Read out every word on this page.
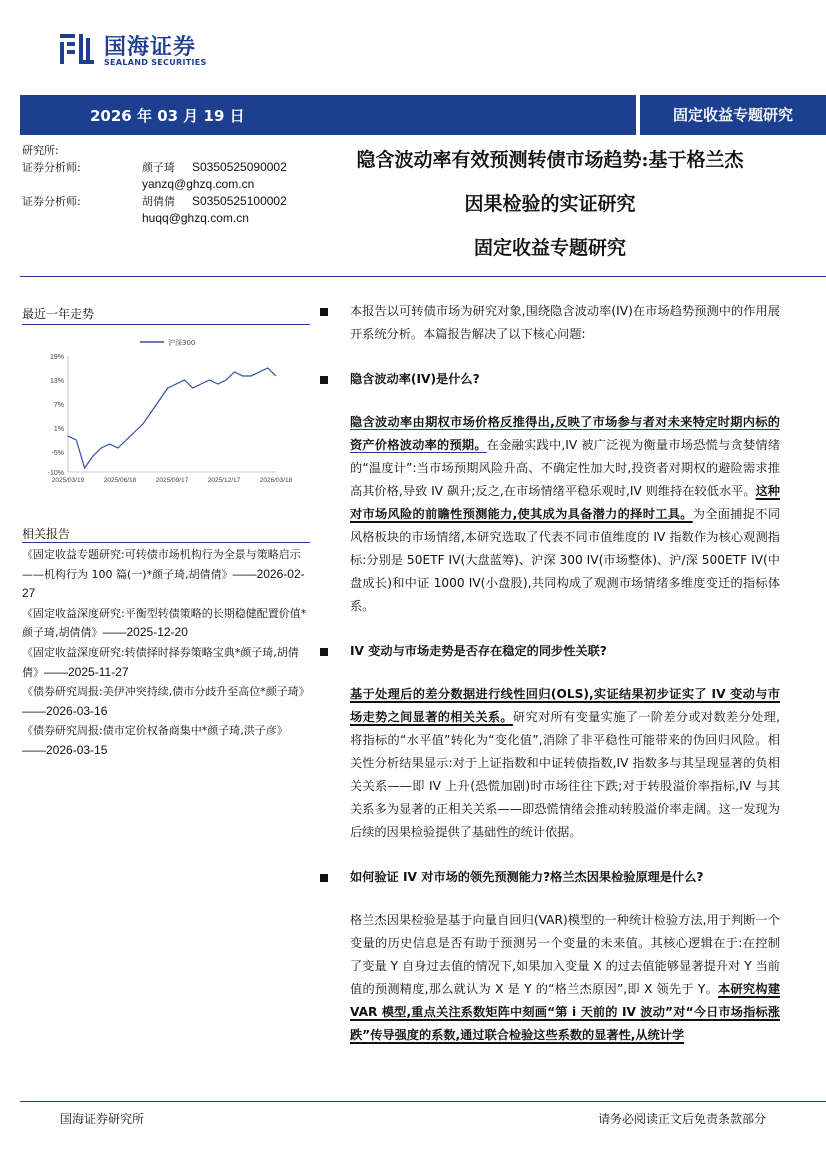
国海证券
SEALAND SECURITIES
2026 年 03 月 19 日	固定收益专题研究
研究所:
证券分析师:	颜子琦 S0350525090002
yanzq@ghzq.com.cn
证券分析师:	胡倩倩 S0350525100002
huqq@ghzq.com.cn
隐含波动率有效预测转债市场趋势:基于格兰杰
因果检验的实证研究
固定收益专题研究
最近一年走势
19%
13%
7%
1%
-5%
-10%
2025/03/19	2025/06/18	2025/09/17	2025/12/17	2026/03/18
沪深300
相关报告

《固定收益专题研究:可转债市场机构行为全景与策略启示——机构行为 100 篇(一)*颜子琦,胡倩倩》——2026-02-27

《固定收益深度研究:平衡型转债策略的长期稳健配置价值*颜子琦,胡倩倩》——2025-12-20

《固定收益深度研究:转债择时择券策略宝典*颜子琦,胡倩倩》——2025-11-27

《债券研究周报:美伊冲突持续,债市分歧升至高位*颜子琦》——2026-03-16

《债券研究周报:债市定价权备商集中*颜子琦,洪子彦》——2026-03-15

本报告以可转债市场为研究对象,围绕隐含波动率(IV)在市场趋势预测中的作用展开系统分析。本篇报告解决了以下核心问题:
隐含波动率(IV)是什么?
隐含波动率由期权市场价格反推得出,反映了市场参与者对未来特定时期内标的资产价格波动率的预期。在金融实践中,IV 被广泛视为衡量市场恐慌与贪婪情绪的“温度计”:当市场预期风险升高、不确定性加大时,投资者对期权的避险需求推高其价格,导致 IV 飙升;反之,在市场情绪平稳乐观时,IV 则维持在较低水平。这种对市场风险的前瞻性预测能力,使其成为具备潜力的择时工具。为全面捕捉不同风格板块的市场情绪,本研究选取了代表不同市值维度的 IV 指数作为核心观测指标:分别是 50ETF IV(大盘蓝筹)、沪深 300 IV(市场整体)、沪/深 500ETF IV(中盘成长)和中证 1000 IV(小盘股),共同构成了观测市场情绪多维度变迁的指标体系。
IV 变动与市场走势是否存在稳定的同步性关联?
基于处理后的差分数据进行线性回归(OLS),实证结果初步证实了 IV 变动与市场走势之间显著的相关关系。研究对所有变量实施了一阶差分或对数差分处理,将指标的“水平值”转化为“变化值”,消除了非平稳性可能带来的伪回归风险。相关性分析结果显示:对于上证指数和中证转债指数,IV 指数多与其呈现显著的负相关关系——即 IV 上升(恐慌加剧)时市场往往下跌;对于转股溢价率指标,IV 与其关系多为显著的正相关关系——即恐慌情绪会推动转股溢价率走阔。这一发现为后续的因果检验提供了基础性的统计依据。
如何验证 IV 对市场的领先预测能力?格兰杰因果检验原理是什么?
格兰杰因果检验是基于向量自回归(VAR)模型的一种统计检验方法,用于判断一个变量的历史信息是否有助于预测另一个变量的未来值。其核心逻辑在于:在控制了变量 Y 自身过去值的情况下,如果加入变量 X 的过去值能够显著提升对 Y 当前值的预测精度,那么就认为 X 是 Y 的“格兰杰原因”,即 X 领先于 Y。本研究构建 VAR 模型,重点关注系数矩阵中刻画“第 i 天前的 IV 波动”对“今日市场指标涨跌”传导强度的系数,通过联合检验这些系数的显著性,从统计学
国海证券研究所	请务必阅读正文后免责条款部分
